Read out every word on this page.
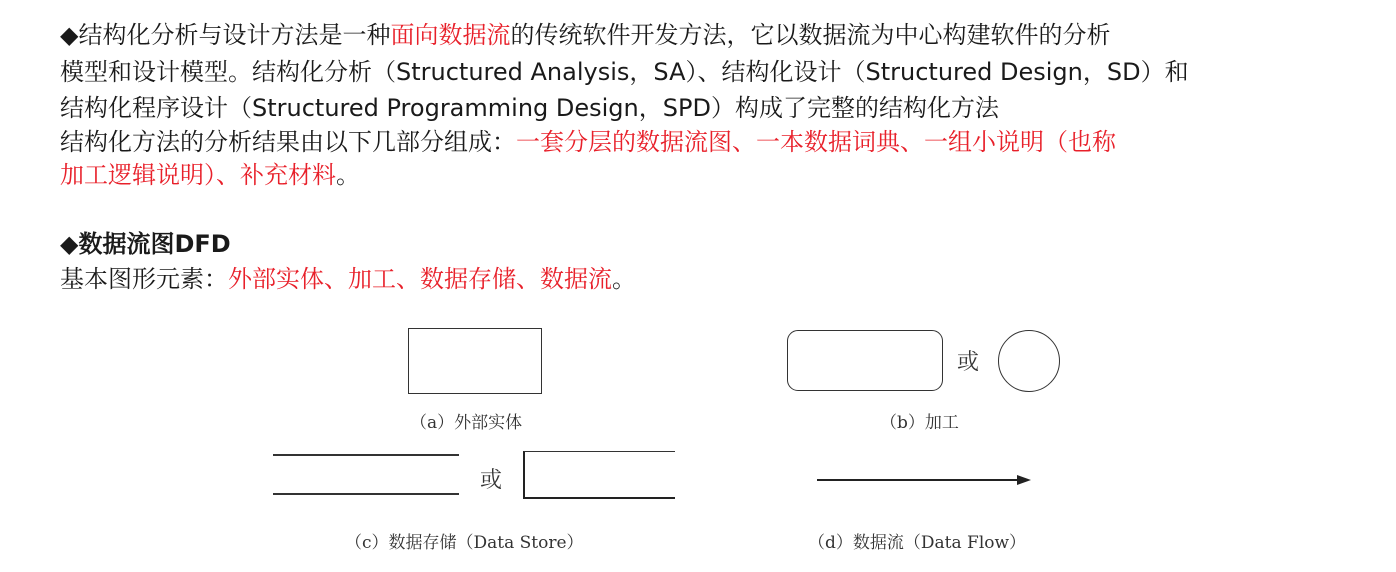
◆结构化分析与设计方法是一种面向数据流的传统软件开发方法，它以数据流为中心构建软件的分析
模型和设计模型。结构化分析（Structured Analysis，SA）、结构化设计（Structured Design，SD）和
结构化程序设计（Structured Programming Design，SPD）构成了完整的结构化方法
结构化方法的分析结果由以下几部分组成：一套分层的数据流图、一本数据词典、一组小说明（也称
加工逻辑说明）、补充材料。
◆数据流图DFD
基本图形元素：外部实体、加工、数据存储、数据流。
（a）外部实体
或
（b）加工
或
（c）数据存储（Data Store）	（d）数据流（Data Flow）
